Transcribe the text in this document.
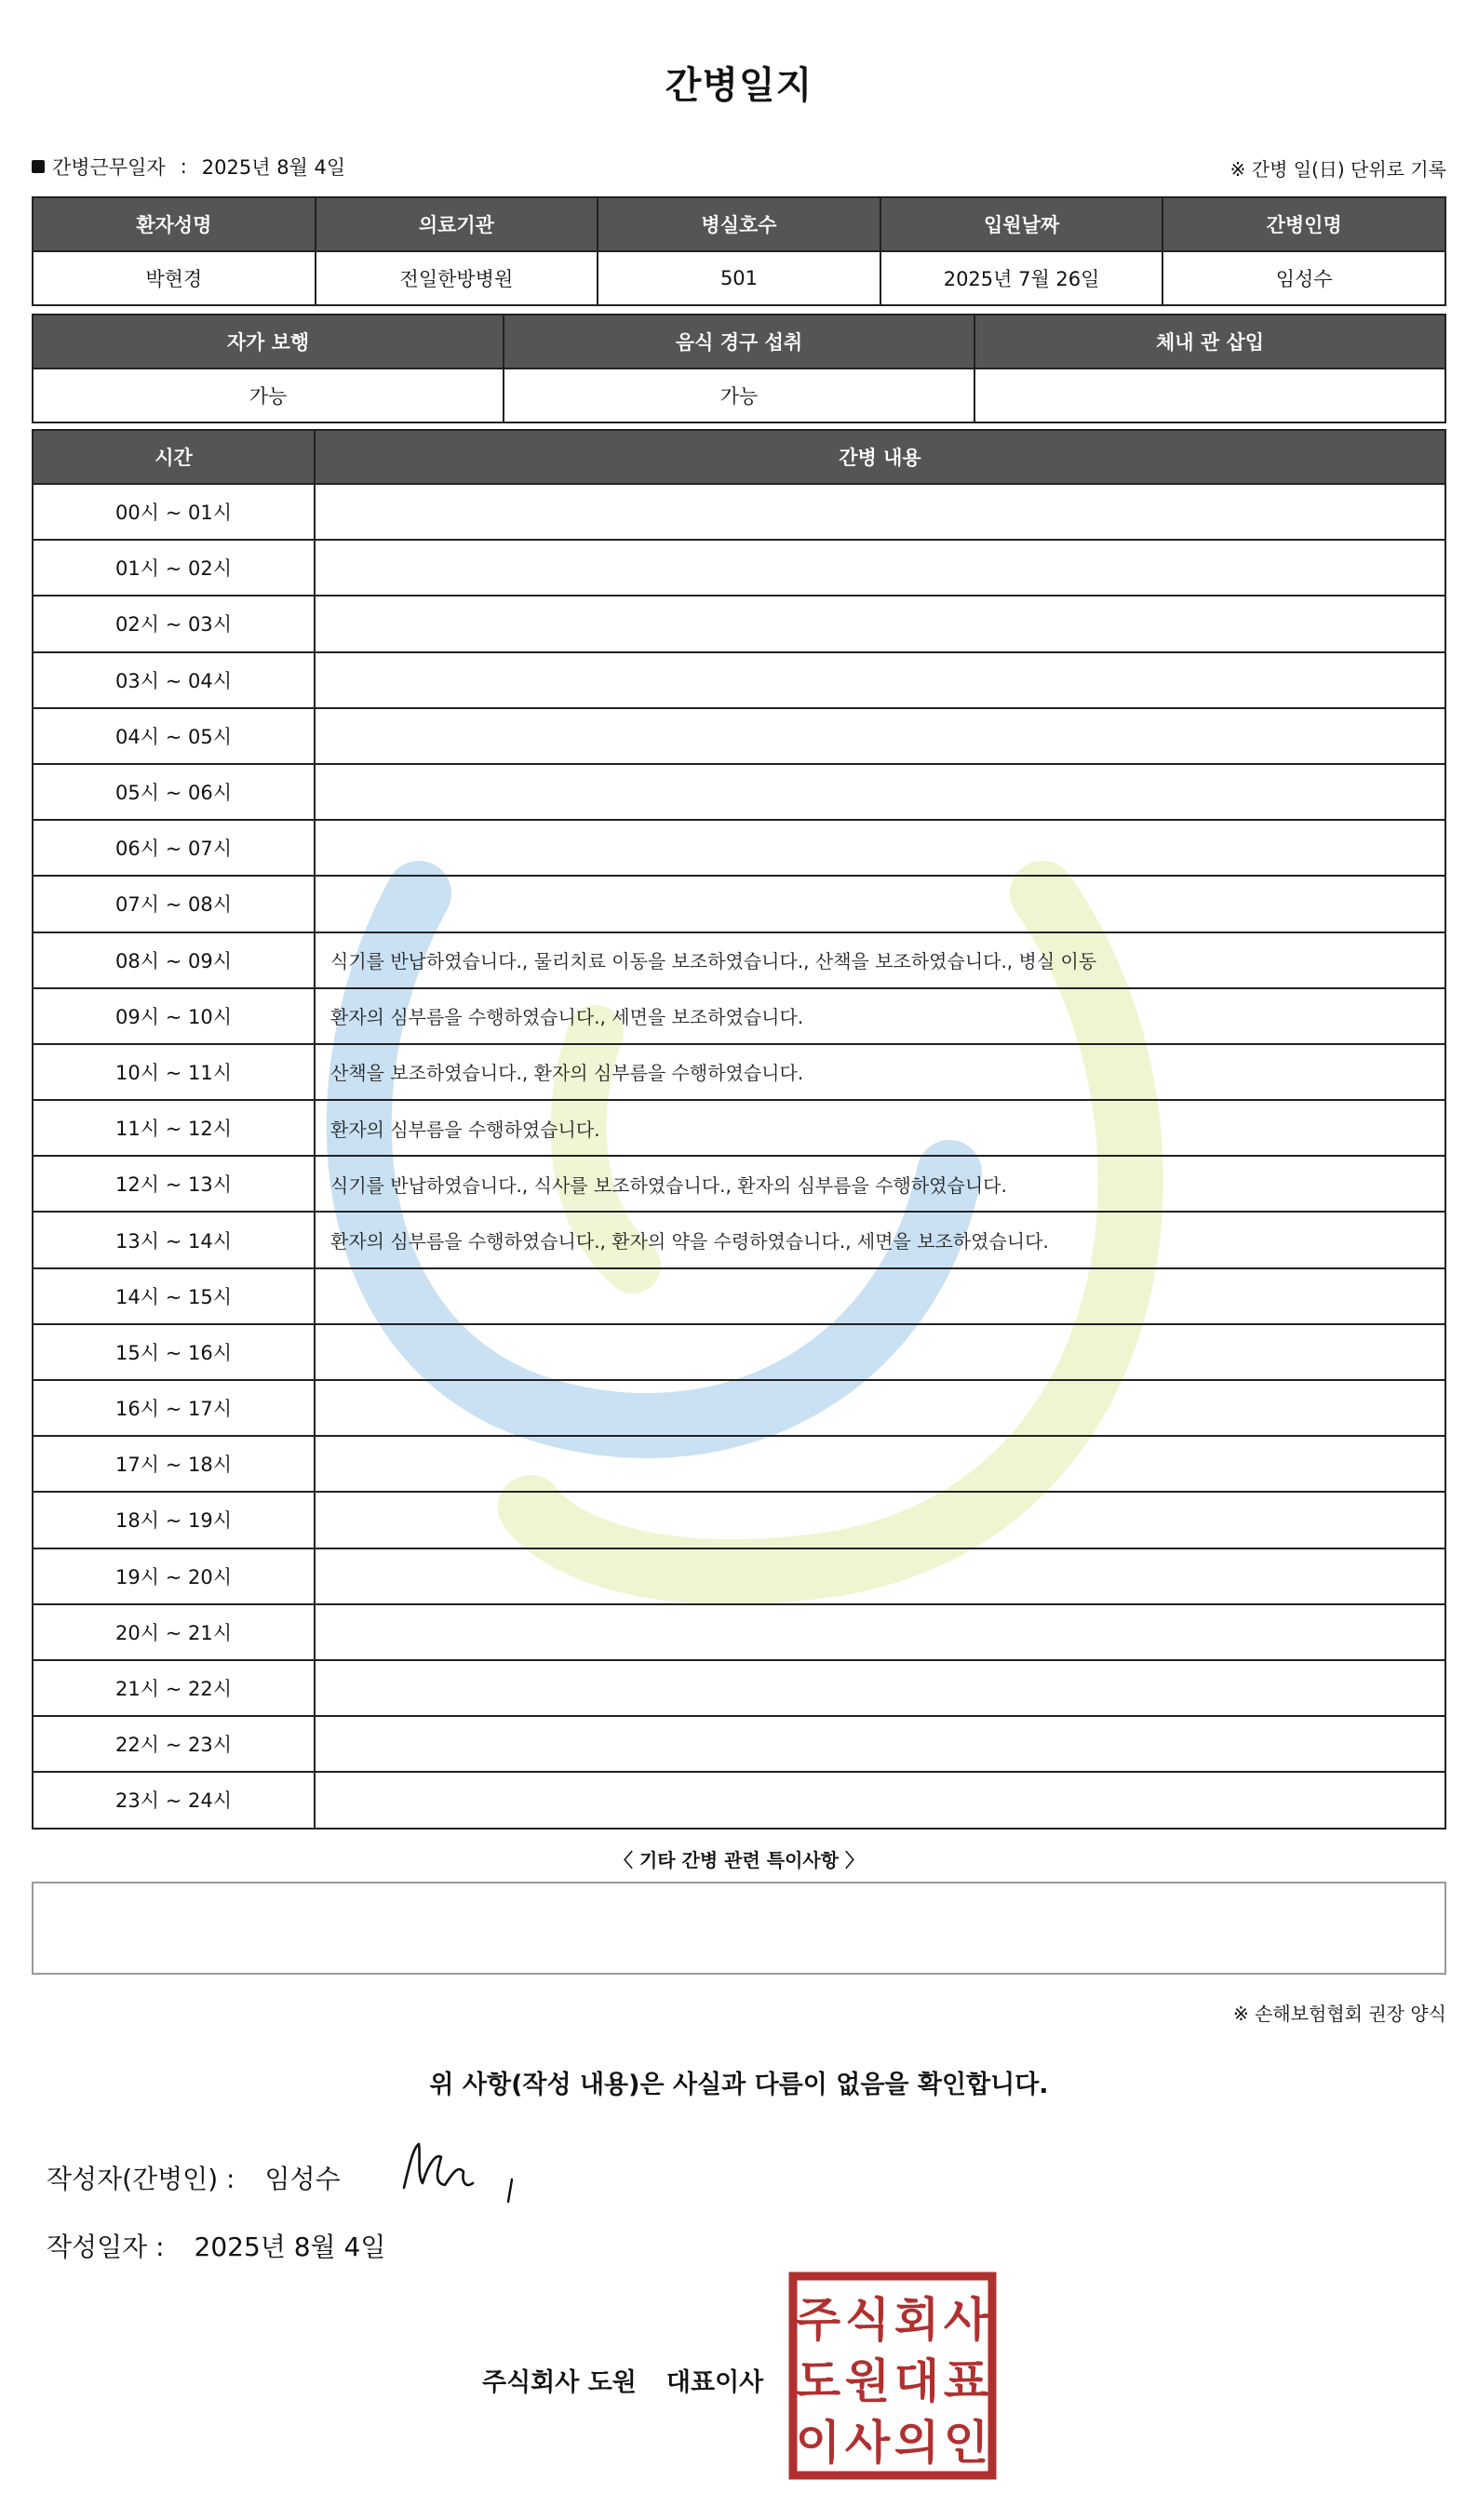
간병일지
간병근무일자 : 2025년 8월 4일	※ 간병 일(日) 단위로 기록
환자성명	의료기관	병실호수	입원날짜	간병인명
박현경	전일한방병원	501	2025년 7월 26일	임성수
자가 보행	음식 경구 섭취	체내 관 삽입
가능	가능	
시간	간병 내용
00시 ~ 01시	
01시 ~ 02시	
02시 ~ 03시	
03시 ~ 04시	
04시 ~ 05시	
05시 ~ 06시	
06시 ~ 07시	
07시 ~ 08시	
08시 ~ 09시	식기를 반납하였습니다., 물리치료 이동을 보조하였습니다., 산책을 보조하였습니다., 병실 이동
09시 ~ 10시	환자의 심부름을 수행하였습니다., 세면을 보조하였습니다.
10시 ~ 11시	산책을 보조하였습니다., 환자의 심부름을 수행하였습니다.
11시 ~ 12시	환자의 심부름을 수행하였습니다.
12시 ~ 13시	식기를 반납하였습니다., 식사를 보조하였습니다., 환자의 심부름을 수행하였습니다.
13시 ~ 14시	환자의 심부름을 수행하였습니다., 환자의 약을 수령하였습니다., 세면을 보조하였습니다.
14시 ~ 15시	
15시 ~ 16시	
16시 ~ 17시	
17시 ~ 18시	
18시 ~ 19시	
19시 ~ 20시	
20시 ~ 21시	
21시 ~ 22시	
22시 ~ 23시	
23시 ~ 24시	
〈 기타 간병 관련 특이사항 〉
※ 손해보험협회 권장 양식
위 사항(작성 내용)은 사실과 다름이 없음을 확인합니다.
작성자(간병인) : 임성수
작성일자 : 2025년 8월 4일
주식회사 도원 대표이사
주 식 회 사
도 원 대 표
이 사 의 인
